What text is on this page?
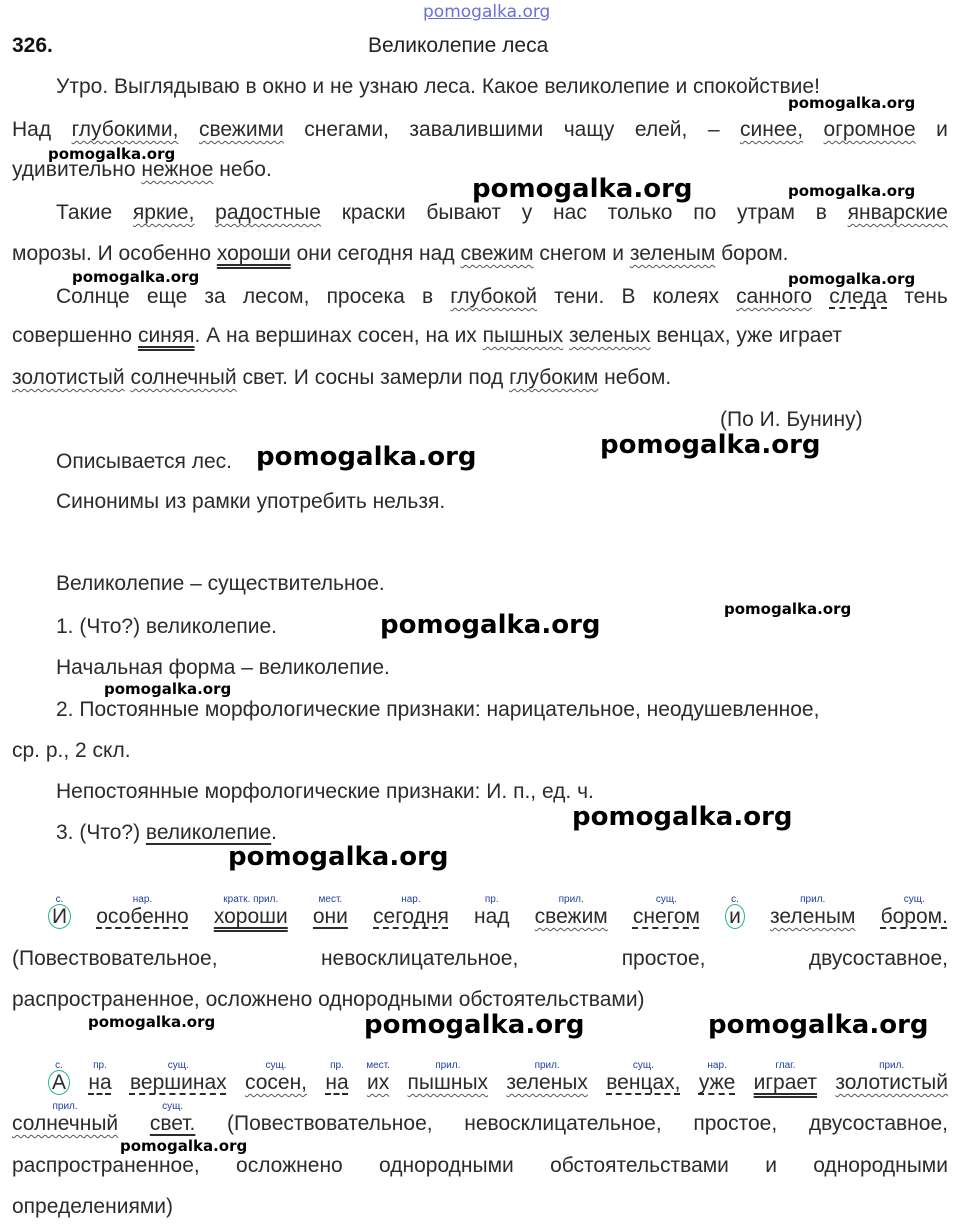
pomogalka.org
pomogalka.org
pomogalka.org
pomogalka.org	pomogalka.org
pomogalka.org	pomogalka.org
pomogalka.org	pomogalka.org
pomogalka.org
pomogalka.org
pomogalka.org
pomogalka.org
pomogalka.org
pomogalka.org	pomogalka.org	pomogalka.org
pomogalka.org
326.	Великолепие леса
Утро. Выглядываю в окно и не узнаю леса. Какое великолепие и спокойствие!
Над глубокими, свежими снегами, завалившими чащу елей, – синее, огромное и
удивительно нежное небо.
Такие яркие, радостные краски бывают у нас только по утрам в январские
морозы. И особенно хороши они сегодня над свежим снегом и зеленым бором.
Солнце еще за лесом, просека в глубокой тени. В колеях санного следа тень
совершенно синяя. А на вершинах сосен, на их пышных зеленых венцах, уже играет
золотистый солнечный свет. И сосны замерли под глубоким небом.
(По И. Бунину)
Описывается лес.
Синонимы из рамки употребить нельзя.
Великолепие – существительное.
1. (Что?) великолепие.
Начальная форма – великолепие.
2. Постоянные морфологические признаки: нарицательное, неодушевленное,
ср. р., 2 скл.
Непостоянные морфологические признаки: И. п., ед. ч.
3. (Что?) великолепие.
И
с.
особенно
нар.
хороши
кратк. прил.
они
мест.
сегодня
нар.
над
пр.
свежим
прил.
снегом
сущ.
и
с.
зеленым
прил.
бором.
сущ.
(Повествовательное,	невосклицательное,	простое,	двусоставное,
распространенное, осложнено однородными обстоятельствами)
А
с.
на
пр.
вершинах
сущ.
сосен,
сущ.
на
пр.
их
мест.
пышных
прил.
зеленых
прил.
венцах,
сущ.
уже
нар.
играет
глаг.
золотистый
прил.
солнечный
прил.
свет.
сущ.
(Повествовательное, невосклицательное, простое, двусоставное,
распространенное, осложнено однородными обстоятельствами и однородными
определениями)
